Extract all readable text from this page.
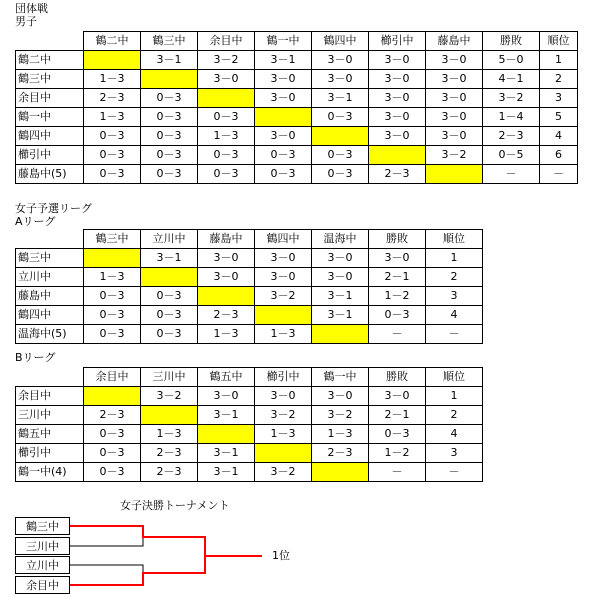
団体戦
男子
	鶴二中	鶴三中	余目中	鶴一中	鶴四中	櫛引中	藤島中	勝敗	順位
鶴二中		3－1	3－2	3－1	3－0	3－0	3－0	5－0	1
鶴三中	1－3		3－0	3－0	3－0	3－0	3－0	4－1	2
余目中	2－3	0－3		3－0	3－1	3－0	3－0	3－2	3
鶴一中	1－3	0－3	0－3		0－3	3－0	3－0	1－4	5
鶴四中	0－3	0－3	1－3	3－0		3－0	3－0	2－3	4
櫛引中	0－3	0－3	0－3	0－3	0－3		3－2	0－5	6
藤島中(5)	0－3	0－3	0－3	0－3	0－3	2－3		－	－
女子予選リーグ
Aリーグ
	鶴三中	立川中	藤島中	鶴四中	温海中	勝敗	順位
鶴三中		3－1	3－0	3－0	3－0	3－0	1
立川中	1－3		3－0	3－0	3－0	2－1	2
藤島中	0－3	0－3		3－2	3－1	1－2	3
鶴四中	0－3	0－3	2－3		3－1	0－3	4
温海中(5)	0－3	0－3	1－3	1－3		－	－
Bリーグ
	余目中	三川中	鶴五中	櫛引中	鶴一中	勝敗	順位
余目中		3－2	3－0	3－0	3－0	3－0	1
三川中	2－3		3－1	3－2	3－2	2－1	2
鶴五中	0－3	1－3		1－3	1－3	0－3	4
櫛引中	0－3	2－3	3－1		2－3	1－2	3
鶴一中(4)	0－3	2－3	3－1	3－2		－	－
女子決勝トーナメント
鶴三中
三川中
立川中
余目中
1位
